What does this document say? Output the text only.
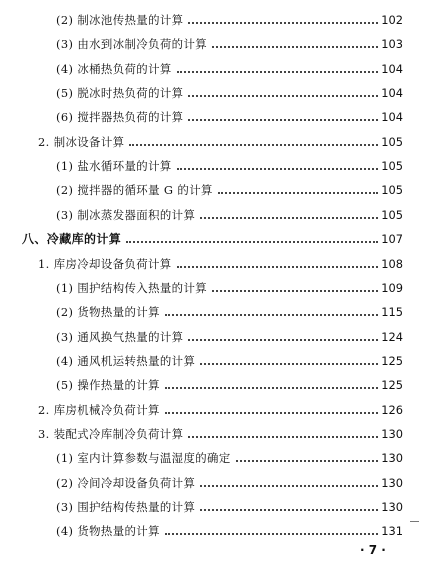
(2) 制冰池传热量的计算	102
(3) 由水到冰制冷负荷的计算	103
(4) 冰桶热负荷的计算	104
(5) 脱冰时热负荷的计算	104
(6) 搅拌器热负荷的计算	104
2. 制冰设备计算	105
(1) 盐水循环量的计算	105
(2) 搅拌器的循环量 G 的计算	105
(3) 制冰蒸发器面积的计算	105
八、冷藏库的计算	107
1. 库房冷却设备负荷计算	108
(1) 围护结构传入热量的计算	109
(2) 货物热量的计算	115
(3) 通风换气热量的计算	124
(4) 通风机运转热量的计算	125
(5) 操作热量的计算	125
2. 库房机械冷负荷计算	126
3. 装配式冷库制冷负荷计算	130
(1) 室内计算参数与温湿度的确定	130
(2) 冷间冷却设备负荷计算	130
(3) 围护结构传热量的计算	130
(4) 货物热量的计算	131
· 7 ·
